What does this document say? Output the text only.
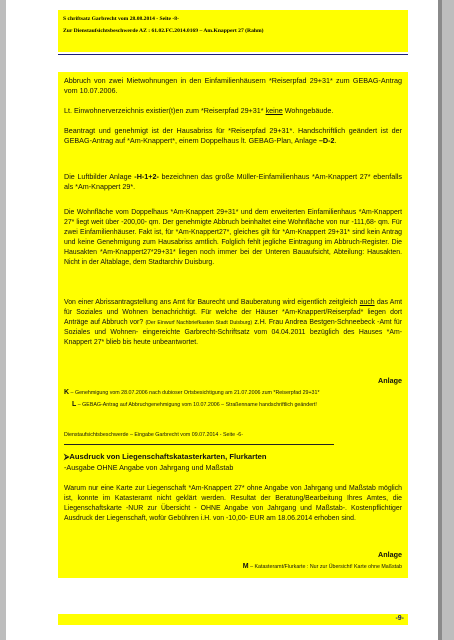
S chriftsatz Garbrecht vom 28.08.2014 - Seite -8-
Zur Dienstaufsichtsbeschwerde AZ : 61.02.FC.2014.0169 – Am.Knappert 27 (Rahm)
Abbruch von zwei Mietwohnungen in den Einfamilienhäusern *Reiserpfad 29+31* zum GEBAG-Antrag vom 10.07.2006.
Lt. Einwohnerverzeichnis existier(t)en zum *Reiserpfad 29+31* keine Wohngebäude.
Beantragt und genehmigt ist der Hausabriss für *Reiserpfad 29+31*. Handschriftlich geändert ist der GEBAG-Antrag auf *Am-Knappert*, einem Doppelhaus lt. GEBAG-Plan, Anlage –D-2.
Die Luftbilder Anlage -H-1+2- bezeichnen das große Müller-Einfamilienhaus *Am-Knappert 27* ebenfalls als *Am-Knappert 29*.
Die Wohnfläche vom Doppelhaus *Am-Knappert 29+31* und dem erweiterten Einfamilienhaus *Am-Knappert 27* liegt weit über -200,00- qm. Der genehmigte Abbruch beinhaltet eine Wohnfläche von nur -111,68- qm. Für zwei Einfamilienhäuser. Fakt ist, für *Am-Knappert27*, gleiches gilt für *Am-Knappert 29+31* sind kein Antrag und keine Genehmigung zum Hausabriss amtlich. Folglich fehlt jegliche Eintragung im Abbruch-Register. Die Hausakten *Am-Knappert27*29+31* liegen noch immer bei der Unteren Bauaufsicht, Abteilung: Hausakten. Nicht in der Altablage, dem Stadtarchiv Duisburg.
Von einer Abrissantragstellung ans Amt für Baurecht und Bauberatung wird eigentlich zeitgleich auch das Amt für Soziales und Wohnen benachrichtigt. Für welche der Häuser *Am-Knappert/Reiserpfad* liegen dort Anträge auf Abbruch vor? (Der Einwurf Nachbriefkasten Stadt Duisburg) z.H. Frau Andrea Bestgen-Schneebeck -Amt für Soziales und Wohnen- eingereichte Garbrecht-Schriftsatz vom 04.04.2011 bezüglich des Hauses *Am-Knappert 27* blieb bis heute unbeantwortet.
Anlage
K – Genehmigung vom 28.07.2006 nach dubioser Ortsbesichtigung am 21.07.2006 zum *Reiserpfad 29+31*
L – GEBAG-Antrag auf Abbruchgenehmigung vom 10.07.2006 – Straßenname handschriftlich geändert!
Dienstaufsichtsbeschwerde – Eingabe Garbrecht vom 09.07.2014 - Seite -6-
⮚Ausdruck von Liegenschaftskatasterkarten, Flurkarten
-Ausgabe OHNE Angabe von Jahrgang und Maßstab
Warum nur eine Karte zur Liegenschaft *Am-Knappert 27* ohne Angabe von Jahrgang und Maßstab möglich ist, konnte im Katasteramt nicht geklärt werden. Resultat der Beratung/Bearbeitung Ihres Amtes, die Liegenschaftskarte -NUR zur Übersicht - OHNE Angabe von Jahrgang und Maßstab-. Kostenpflichtiger Ausdruck der Liegenschaft, wofür Gebühren i.H. von -10,00- EUR am 18.06.2014 erhoben sind.
Anlage
M – Katasteramt/Flurkarte : Nur zur Übersicht! Karte ohne Maßstab
-9-
